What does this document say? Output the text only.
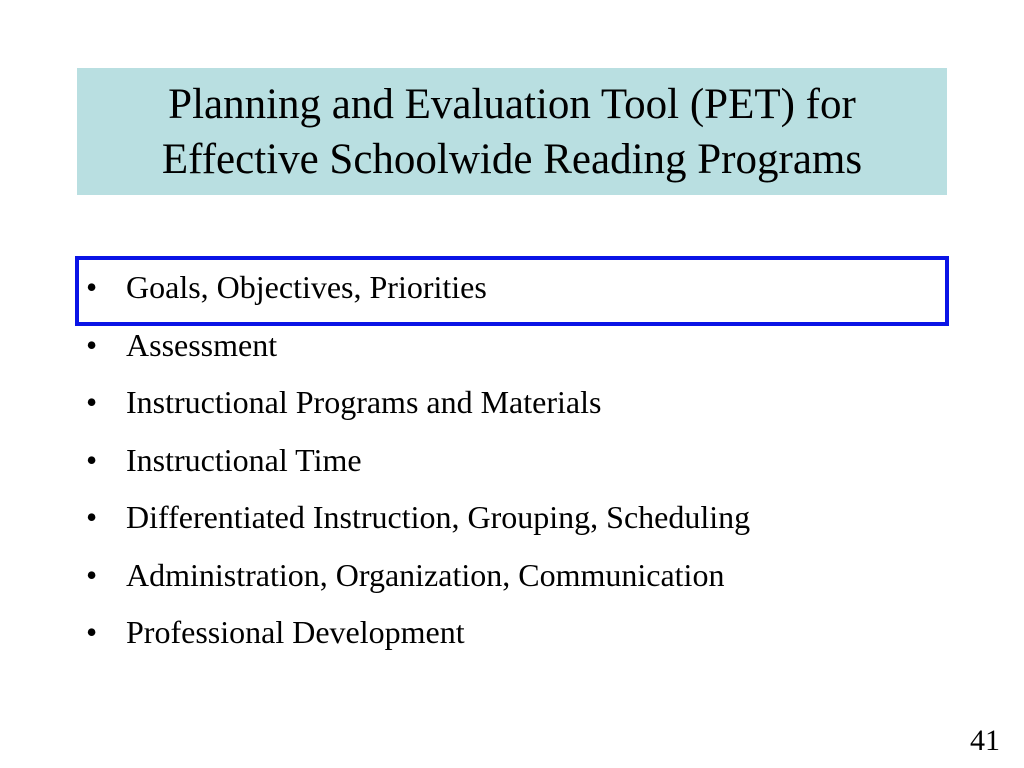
Planning and Evaluation Tool (PET) for
Effective Schoolwide Reading Programs
• Goals, Objectives, Priorities
• Assessment
• Instructional Programs and Materials
• Instructional Time
• Differentiated Instruction, Grouping, Scheduling
• Administration, Organization, Communication
• Professional Development
41
